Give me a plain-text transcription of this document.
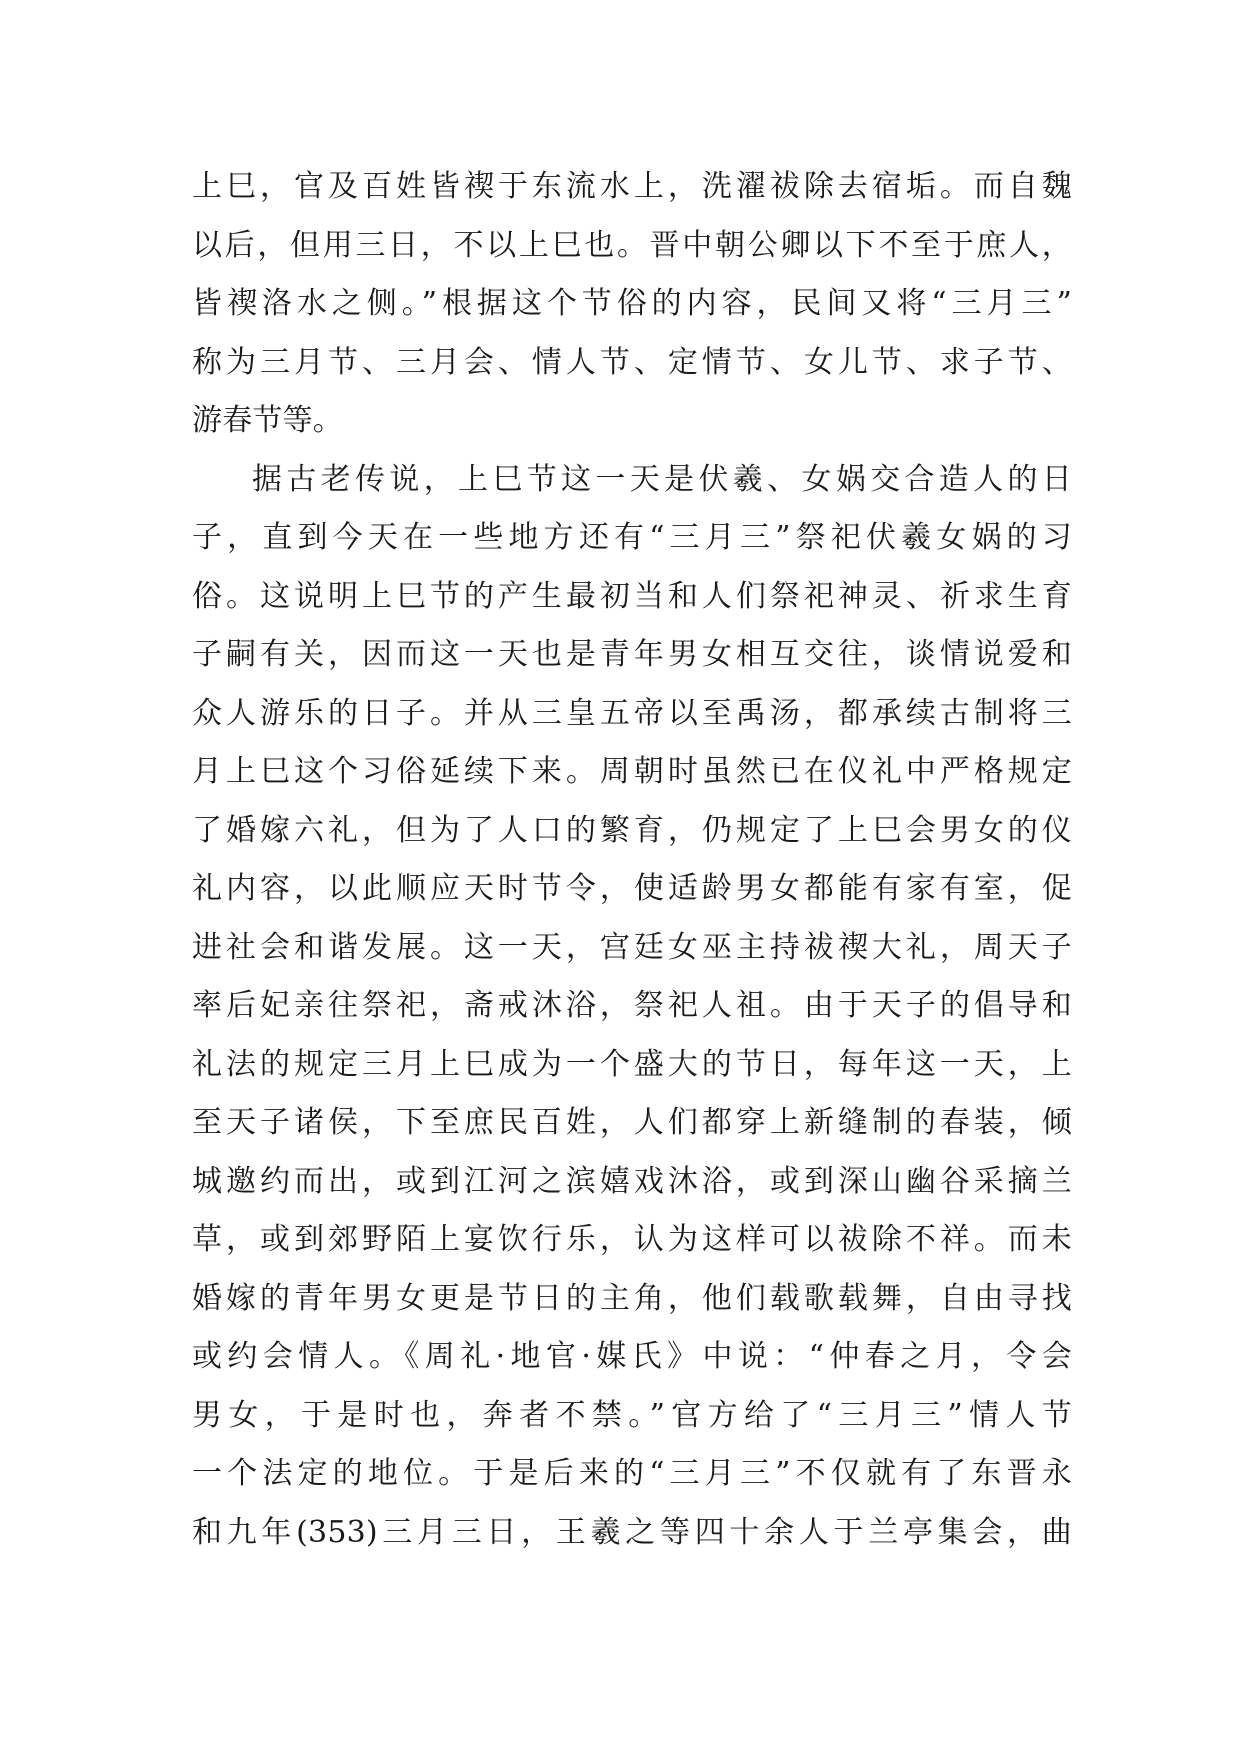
上巳，官及百姓皆禊于东流水上，洗濯祓除去宿垢。而自魏
以后，但用三日，不以上巳也。晋中朝公卿以下不至于庶人，
皆禊洛水之侧。”根据这个节俗的内容，民间又将“三月三”
称为三月节、三月会、情人节、定情节、女儿节、求子节、
游春节等。
据古老传说，上巳节这一天是伏羲、女娲交合造人的日
子，直到今天在一些地方还有“三月三”祭祀伏羲女娲的习
俗。这说明上巳节的产生最初当和人们祭祀神灵、祈求生育
子嗣有关，因而这一天也是青年男女相互交往，谈情说爱和
众人游乐的日子。并从三皇五帝以至禹汤，都承续古制将三
月上巳这个习俗延续下来。周朝时虽然已在仪礼中严格规定
了婚嫁六礼，但为了人口的繁育，仍规定了上巳会男女的仪
礼内容，以此顺应天时节令，使适龄男女都能有家有室，促
进社会和谐发展。这一天，宫廷女巫主持祓禊大礼，周天子
率后妃亲往祭祀，斋戒沐浴，祭祀人祖。由于天子的倡导和
礼法的规定三月上巳成为一个盛大的节日，每年这一天，上
至天子诸侯，下至庶民百姓，人们都穿上新缝制的春装，倾
城邀约而出，或到江河之滨嬉戏沐浴，或到深山幽谷采摘兰
草，或到郊野陌上宴饮行乐，认为这样可以祓除不祥。而未
婚嫁的青年男女更是节日的主角，他们载歌载舞，自由寻找
或约会情人。《周礼·地官·媒氏》中说：“仲春之月，令会
男女，于是时也，奔者不禁。”官方给了“三月三”情人节
一个法定的地位。于是后来的“三月三”不仅就有了东晋永
和九年(353)三月三日，王羲之等四十余人于兰亭集会，曲
